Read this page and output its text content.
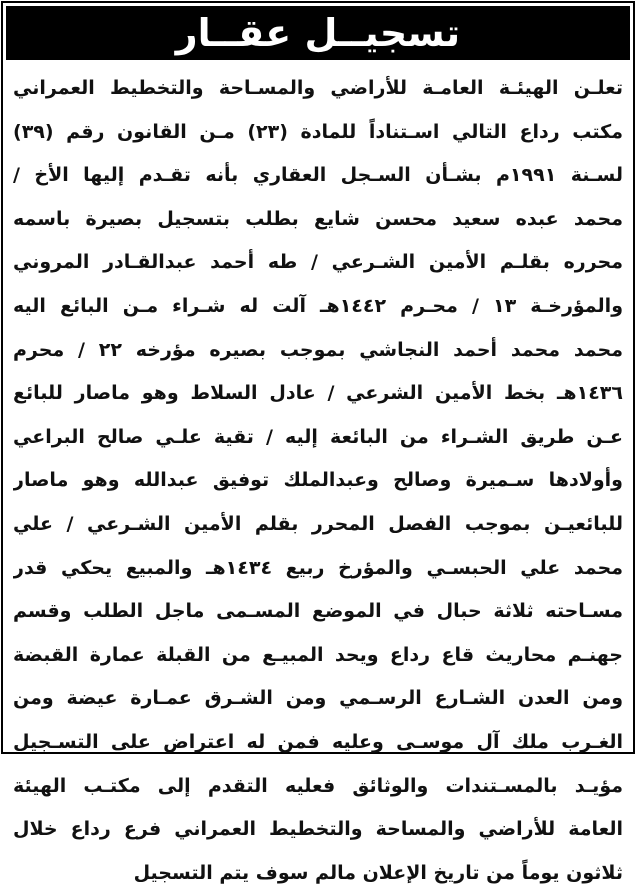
تسجيــل عقــار
تعلـن الهيئـة العامـة للأراضي والمسـاحة والتخطيط العمراني
مكتب رداع التالي اسـتناداً للمادة (٢٣) مـن القانون رقم (٣٩)
لسـنة ١٩٩١م بشـأن السـجل العقاري بأنه تقـدم إليها الأخ /
محمد عبده سعيد محسن شايع بطلب بتسجيل بصيرة باسمه
محرره بقلـم الأمين الشـرعي / طه أحمد عبدالقـادر المروني
والمؤرخـة ١٣ / محـرم ١٤٤٢هـ آلت له شـراء مـن البائع اليه
محمد محمد أحمد النجاشي بموجب بصيره مؤرخه ٢٢ / محرم
١٤٣٦هـ بخط الأمين الشرعي / عادل السلاط وهو ماصار للبائع
عـن طريق الشـراء من البائعة إليه / تقية علـي صالح البراعي
وأولادها سـميرة وصالح وعبدالملك توفيق عبدالله وهو ماصار
للبائعيـن بموجب الفصل المحرر بقلم الأمين الشـرعي / علي
محمد علي الحبسـي والمؤرخ ربيع ١٤٣٤هـ والمبيع يحكي قدر
مسـاحته ثلاثة حبال في الموضع المسـمى ماجل الطلب وقسم
جهنـم محاريث قاع رداع ويحد المبيـع من القبلة عمارة القبضة
ومن العدن الشـارع الرسـمي ومن الشـرق عمـارة عيضة ومن
الغـرب ملك آل موسـى وعليه فمن له اعتراض على التسـجيل
مؤيـد بالمسـتندات والوثائق فعليه التقدم إلى مكتـب الهيئة
العامة للأراضي والمساحة والتخطيط العمراني فرع رداع خلال
ثلاثون يوماً من تاريخ الإعلان مالم سوف يتم التسجيل
